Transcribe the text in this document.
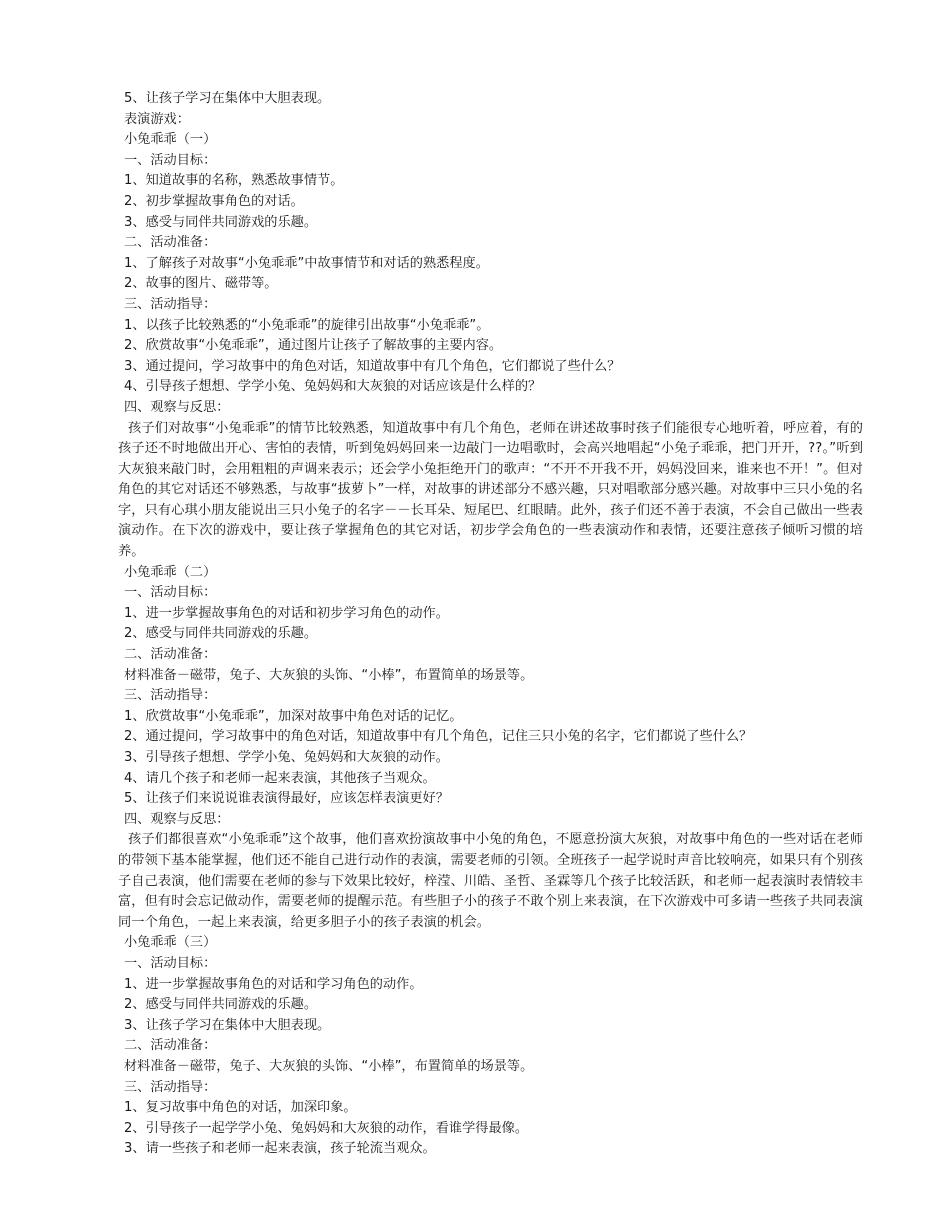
5、让孩子学习在集体中大胆表现。
表演游戏：
小兔乖乖（一）
一、活动目标：
1、知道故事的名称，熟悉故事情节。
2、初步掌握故事角色的对话。
3、感受与同伴共同游戏的乐趣。
二、活动准备：
1、了解孩子对故事“小兔乖乖”中故事情节和对话的熟悉程度。
2、故事的图片、磁带等。
三、活动指导：
1、以孩子比较熟悉的“小兔乖乖”的旋律引出故事“小兔乖乖”。
2、欣赏故事“小兔乖乖”，通过图片让孩子了解故事的主要内容。
3、通过提问，学习故事中的角色对话，知道故事中有几个角色，它们都说了些什么？
4、引导孩子想想、学学小兔、兔妈妈和大灰狼的对话应该是什么样的？
四、观察与反思：
孩子们对故事“小兔乖乖”的情节比较熟悉，知道故事中有几个角色，老师在讲述故事时孩子们能很专心地听着，呼应着，有的孩子还不时地做出开心、害怕的表情，听到兔妈妈回来一边敲门一边唱歌时，会高兴地唱起“小兔子乖乖，把门开开，??。”听到大灰狼来敲门时，会用粗粗的声调来表示；还会学小兔拒绝开门的歌声：“不开不开我不开，妈妈没回来，谁来也不开！”。但对角色的其它对话还不够熟悉，与故事“拔萝卜”一样，对故事的讲述部分不感兴趣，只对唱歌部分感兴趣。对故事中三只小兔的名字，只有心琪小朋友能说出三只小兔子的名字－－长耳朵、短尾巴、红眼睛。此外，孩子们还不善于表演，不会自己做出一些表演动作。在下次的游戏中，要让孩子掌握角色的其它对话，初步学会角色的一些表演动作和表情，还要注意孩子倾听习惯的培养。
小兔乖乖（二）
一、活动目标：
1、进一步掌握故事角色的对话和初步学习角色的动作。
2、感受与同伴共同游戏的乐趣。
二、活动准备：
材料准备－磁带，兔子、大灰狼的头饰、“小棒”，布置简单的场景等。
三、活动指导：
1、欣赏故事“小兔乖乖”，加深对故事中角色对话的记忆。
2、通过提问，学习故事中的角色对话，知道故事中有几个角色，记住三只小兔的名字，它们都说了些什么？
3、引导孩子想想、学学小兔、兔妈妈和大灰狼的动作。
4、请几个孩子和老师一起来表演，其他孩子当观众。
5、让孩子们来说说谁表演得最好，应该怎样表演更好？
四、观察与反思：
孩子们都很喜欢“小兔乖乖”这个故事，他们喜欢扮演故事中小兔的角色，不愿意扮演大灰狼，对故事中角色的一些对话在老师的带领下基本能掌握，他们还不能自己进行动作的表演，需要老师的引领。全班孩子一起学说时声音比较响亮，如果只有个别孩子自己表演，他们需要在老师的参与下效果比较好，梓滢、川皓、圣哲、圣霖等几个孩子比较活跃，和老师一起表演时表情较丰富，但有时会忘记做动作，需要老师的提醒示范。有些胆子小的孩子不敢个别上来表演，在下次游戏中可多请一些孩子共同表演同一个角色，一起上来表演，给更多胆子小的孩子表演的机会。
小兔乖乖（三）
一、活动目标：
1、进一步掌握故事角色的对话和学习角色的动作。
2、感受与同伴共同游戏的乐趣。
3、让孩子学习在集体中大胆表现。
二、活动准备：
材料准备－磁带，兔子、大灰狼的头饰、“小棒”，布置简单的场景等。
三、活动指导：
1、复习故事中角色的对话，加深印象。
2、引导孩子一起学学小兔、兔妈妈和大灰狼的动作，看谁学得最像。
3、请一些孩子和老师一起来表演，孩子轮流当观众。
